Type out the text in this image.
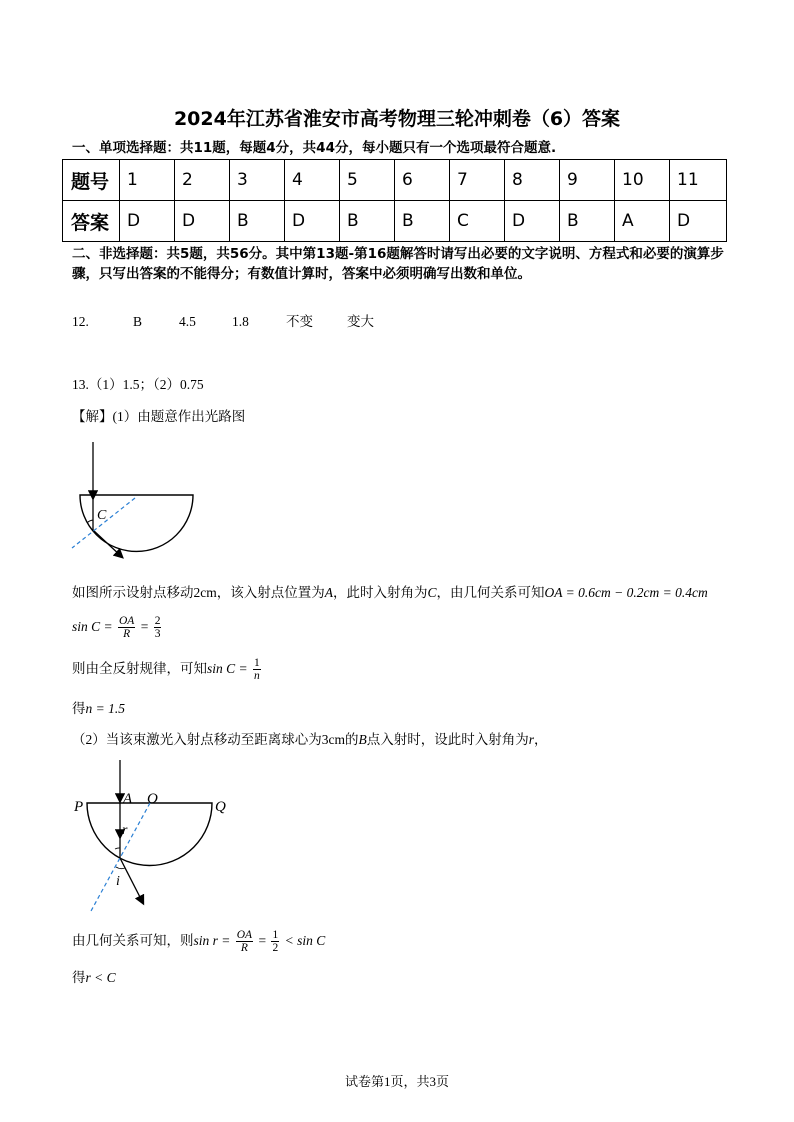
2024年江苏省淮安市高考物理三轮冲刺卷（6）答案
一、单项选择题：共11题，每题4分，共44分，每小题只有一个选项最符合题意.
题号	1	2	3	4	5	6	7	8	9	10	11
答案	D	D	B	D	B	B	C	D	B	A	D
二、非选择题：共5题，共56分。其中第13题-第16题解答时请写出必要的文字说明、方程式和必要的演算步骤，只写出答案的不能得分；有数值计算时，答案中必须明确写出数和单位。
12.	B	4.5	1.8	不变	变大
13.（1）1.5；（2）0.75
【解】(1）由题意作出光路图
C
如图所示设射点移动2cm，该入射点位置为A，此时入射角为C，由几何关系可知OA = 0.6cm − 0.2cm = 0.4cm
$\sin C = \frac{OA}{R} = \frac{2}{3}$
则由全反射规律，可知$\sin C = \frac{1}{n}$
得n = 1.5
（2）当该束激光入射点移动至距离球心为3cm的B点入射时，设此时入射角为r，
P	A O	Q
r
i
由几何关系可知，则$\sin r = \frac{OA}{R} = \frac{1}{2} < \sin C$
得r < C
试卷第1页，共3页
